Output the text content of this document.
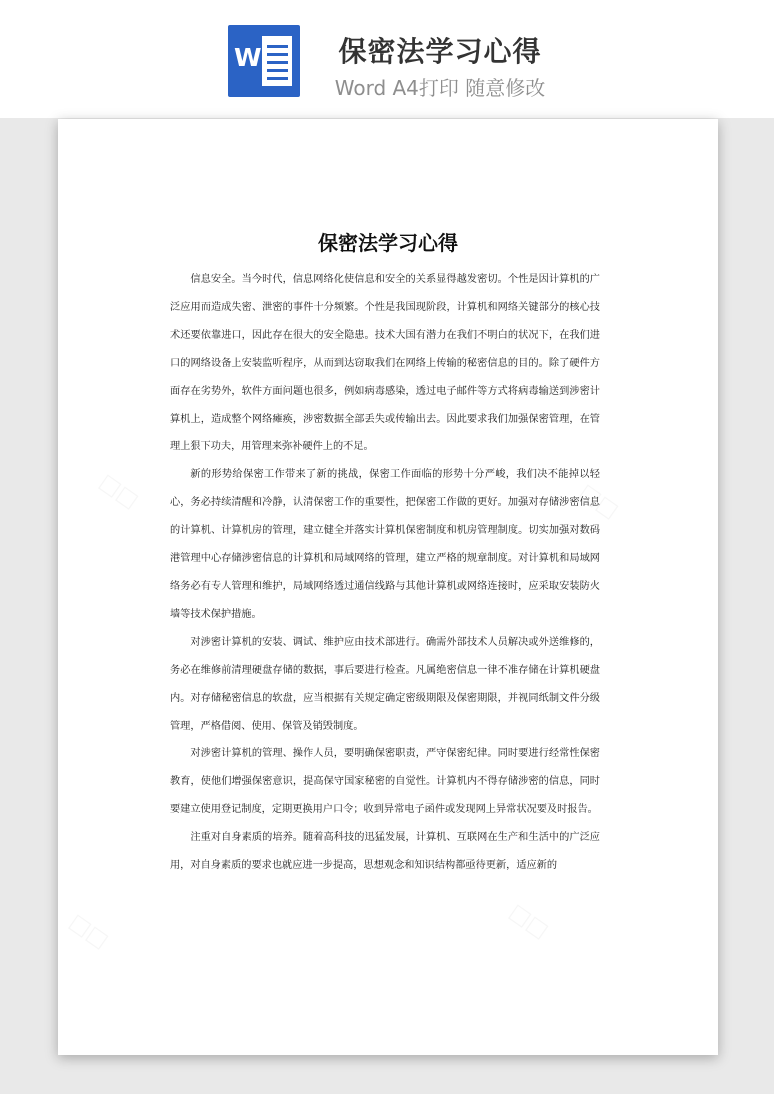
W	保密法学习心得
Word A4打印 随意修改
□□	□□
□□	□□
保密法学习心得

信息安全。当今时代，信息网络化使信息和安全的关系显得越发密切。个性是因计算机的广泛应用而造成失密、泄密的事件十分频繁。个性是我国现阶段，计算机和网络关键部分的核心技术还要依靠进口，因此存在很大的安全隐患。技术大国有潜力在我们不明白的状况下，在我们进口的网络设备上安装监听程序，从而到达窃取我们在网络上传输的秘密信息的目的。除了硬件方面存在劣势外，软件方面问题也很多，例如病毒感染，透过电子邮件等方式将病毒输送到涉密计算机上，造成整个网络瘫痪，涉密数据全部丢失或传输出去。因此要求我们加强保密管理，在管理上狠下功夫，用管理来弥补硬件上的不足。

新的形势给保密工作带来了新的挑战，保密工作面临的形势十分严峻，我们决不能掉以轻心，务必持续清醒和冷静，认清保密工作的重要性，把保密工作做的更好。加强对存储涉密信息的计算机、计算机房的管理，建立健全并落实计算机保密制度和机房管理制度。切实加强对数码港管理中心存储涉密信息的计算机和局域网络的管理，建立严格的规章制度。对计算机和局域网络务必有专人管理和维护，局域网络透过通信线路与其他计算机或网络连接时，应采取安装防火墙等技术保护措施。

对涉密计算机的安装、调试、维护应由技术部进行。确需外部技术人员解决或外送维修的，务必在维修前清理硬盘存储的数据，事后要进行检查。凡属绝密信息一律不准存储在计算机硬盘内。对存储秘密信息的软盘，应当根据有关规定确定密级期限及保密期限，并视同纸制文件分级管理，严格借阅、使用、保管及销毁制度。

对涉密计算机的管理、操作人员，要明确保密职责，严守保密纪律。同时要进行经常性保密教育，使他们增强保密意识，提高保守国家秘密的自觉性。计算机内不得存储涉密的信息，同时要建立使用登记制度，定期更换用户口令；收到异常电子函件或发现网上异常状况要及时报告。

注重对自身素质的培养。随着高科技的迅猛发展，计算机、互联网在生产和生活中的广泛应用，对自身素质的要求也就应进一步提高，思想观念和知识结构都亟待更新，适应新的
